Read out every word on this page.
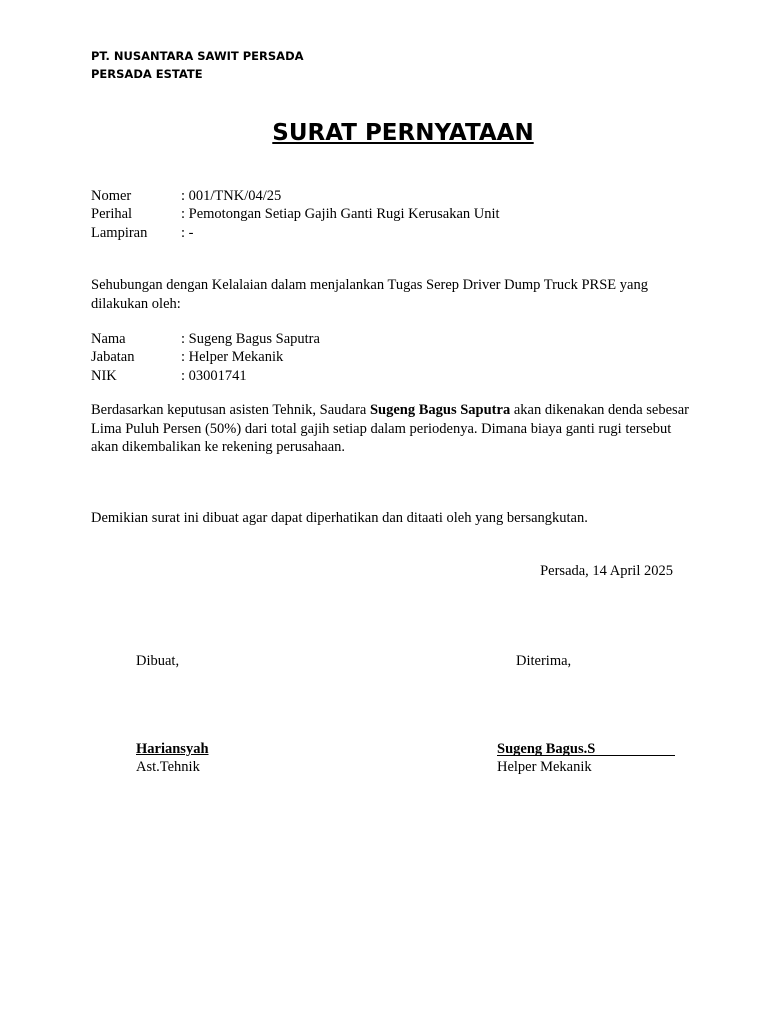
PT. NUSANTARA SAWIT PERSADA
PERSADA ESTATE
SURAT PERNYATAAN
Nomer	: 001/TNK/04/25
Perihal	: Pemotongan Setiap Gajih Ganti Rugi Kerusakan Unit
Lampiran : -
Sehubungan dengan Kelalaian dalam menjalankan Tugas Serep Driver Dump Truck PRSE yang dilakukan oleh:
Nama	: Sugeng Bagus Saputra
Jabatan	: Helper Mekanik
NIK	: 03001741
Berdasarkan keputusan asisten Tehnik, Saudara Sugeng Bagus Saputra akan dikenakan denda sebesar Lima Puluh Persen (50%) dari total gajih setiap dalam periodenya. Dimana biaya ganti rugi tersebut akan dikembalikan ke rekening perusahaan.
Demikian surat ini dibuat agar dapat diperhatikan dan ditaati oleh yang bersangkutan.
Persada, 14 April 2025
Dibuat,	Diterima,
Hariansyah	Sugeng Bagus.S
Ast.Tehnik	Helper Mekanik
